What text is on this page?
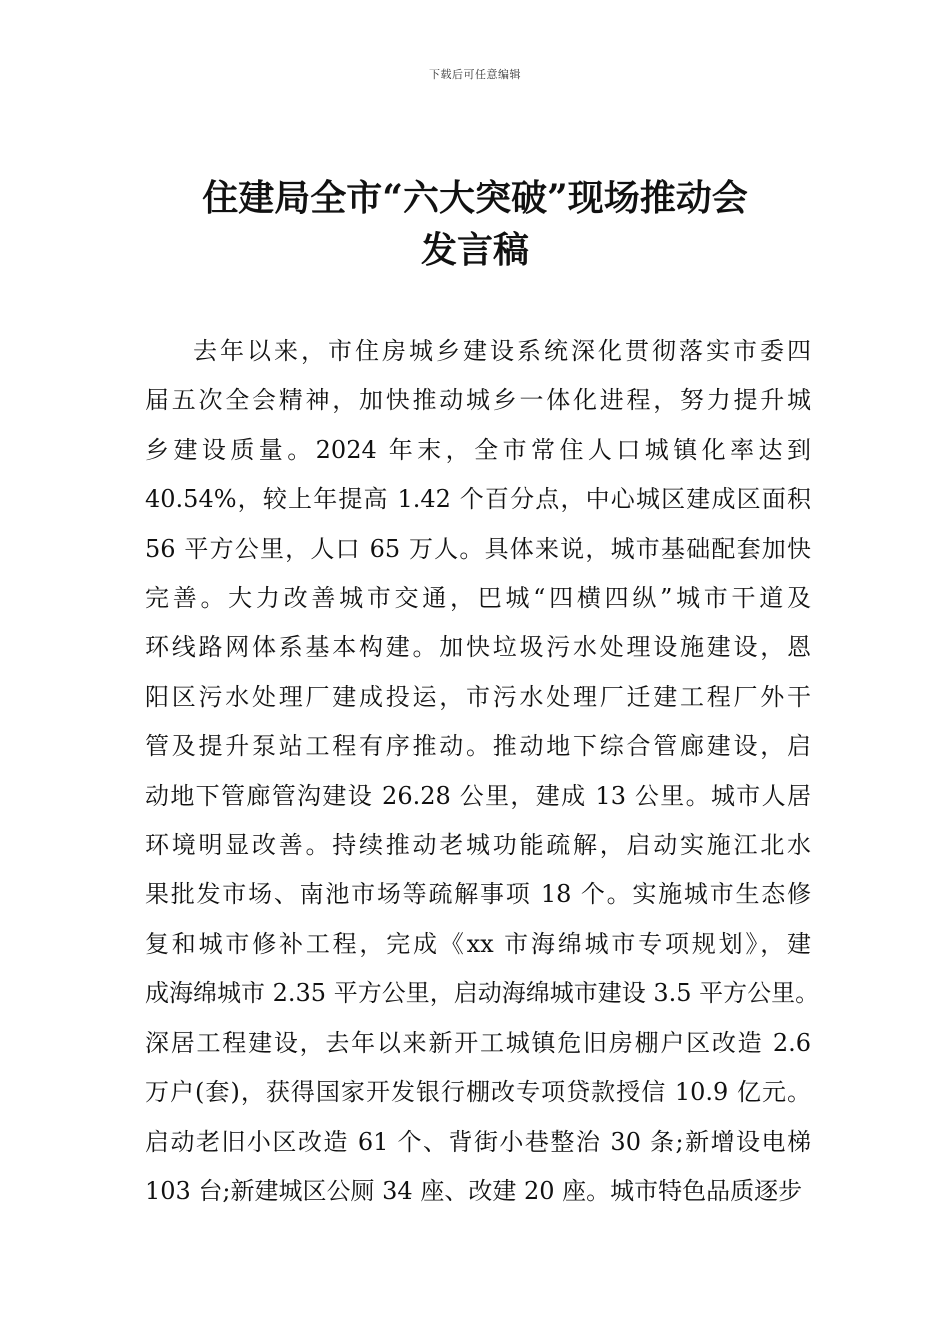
下载后可任意编辑
住建局全市“六大突破”现场推动会
发言稿
去年以来，市住房城乡建设系统深化贯彻落实市委四
届五次全会精神，加快推动城乡一体化进程，努力提升城
乡建设质量。2024 年末，全市常住人口城镇化率达到
40.54%，较上年提高 1.42 个百分点，中心城区建成区面积
56 平方公里，人口 65 万人。具体来说，城市基础配套加快
完善。大力改善城市交通，巴城“四横四纵”城市干道及
环线路网体系基本构建。加快垃圾污水处理设施建设，恩
阳区污水处理厂建成投运，市污水处理厂迁建工程厂外干
管及提升泵站工程有序推动。推动地下综合管廊建设，启
动地下管廊管沟建设 26.28 公里，建成 13 公里。城市人居
环境明显改善。持续推动老城功能疏解，启动实施江北水
果批发市场、南池市场等疏解事项 18 个。实施城市生态修
复和城市修补工程，完成《xx 市海绵城市专项规划》，建
成海绵城市 2.35 平方公里，启动海绵城市建设 3.5 平方公里。
深居工程建设，去年以来新开工城镇危旧房棚户区改造 2.6
万户(套)，获得国家开发银行棚改专项贷款授信 10.9 亿元。
启动老旧小区改造 61 个、背街小巷整治 30 条;新增设电梯
103 台;新建城区公厕 34 座、改建 20 座。城市特色品质逐步
